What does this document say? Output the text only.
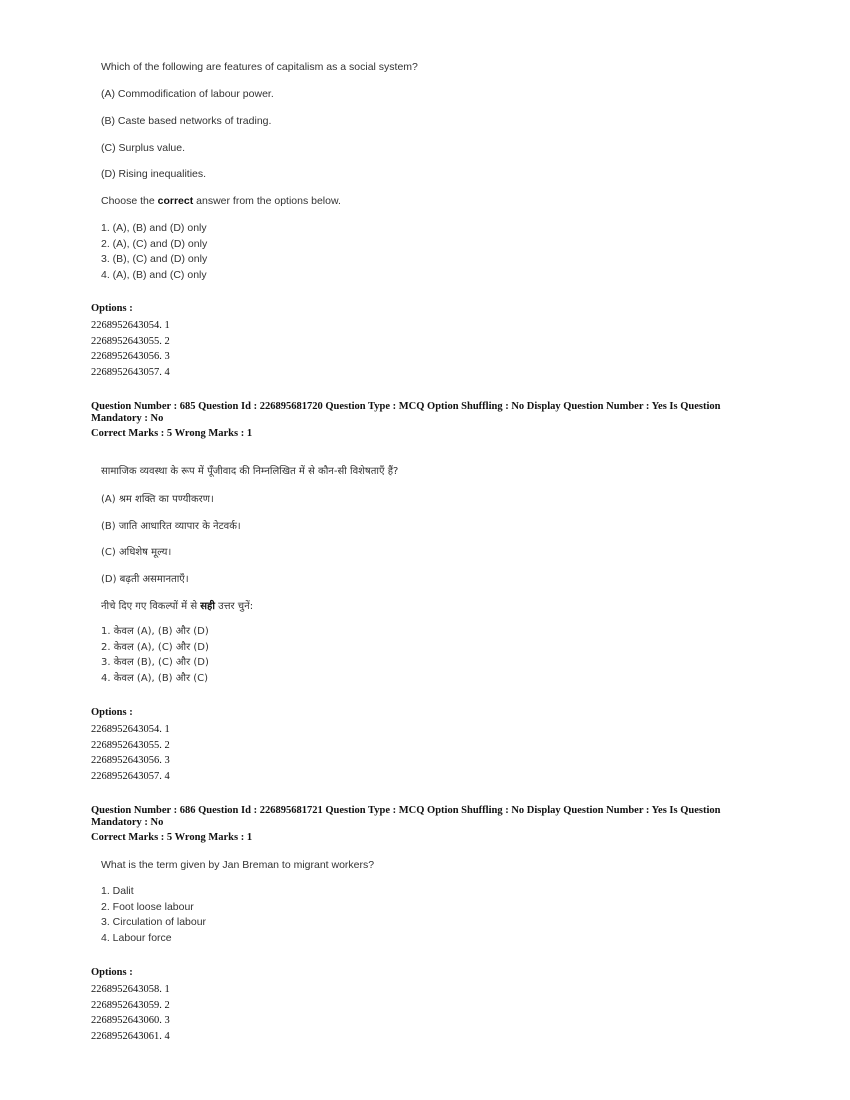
Which of the following are features of capitalism as a social system?
(A) Commodification of labour power.
(B) Caste based networks of trading.
(C) Surplus value.
(D) Rising inequalities.
Choose the correct answer from the options below.
1. (A), (B) and (D) only
2. (A), (C) and (D) only
3. (B), (C) and (D) only
4. (A), (B) and (C) only
Options :
2268952643054. 1
2268952643055. 2
2268952643056. 3
2268952643057. 4
Question Number : 685 Question Id : 226895681720 Question Type : MCQ Option Shuffling : No Display Question Number : Yes Is Question Mandatory : No
Correct Marks : 5 Wrong Marks : 1
सामाजिक व्यवस्था के रूप में पूँजीवाद की निम्नलिखित में से कौन-सी विशेषताएँ हैं?
(A) श्रम शक्ति का पण्यीकरण।
(B) जाति आधारित व्यापार के नेटवर्क।
(C) अधिशेष मूल्य।
(D) बढ़ती असमानताएँ।
नीचे दिए गए विकल्पों में से सही उत्तर चुनें:
1. केवल (A), (B) और (D)
2. केवल (A), (C) और (D)
3. केवल (B), (C) और (D)
4. केवल (A), (B) और (C)
Options :
2268952643054. 1
2268952643055. 2
2268952643056. 3
2268952643057. 4
Question Number : 686 Question Id : 226895681721 Question Type : MCQ Option Shuffling : No Display Question Number : Yes Is Question Mandatory : No
Correct Marks : 5 Wrong Marks : 1
What is the term given by Jan Breman to migrant workers?
1. Dalit
2. Foot loose labour
3. Circulation of labour
4. Labour force
Options :
2268952643058. 1
2268952643059. 2
2268952643060. 3
2268952643061. 4
